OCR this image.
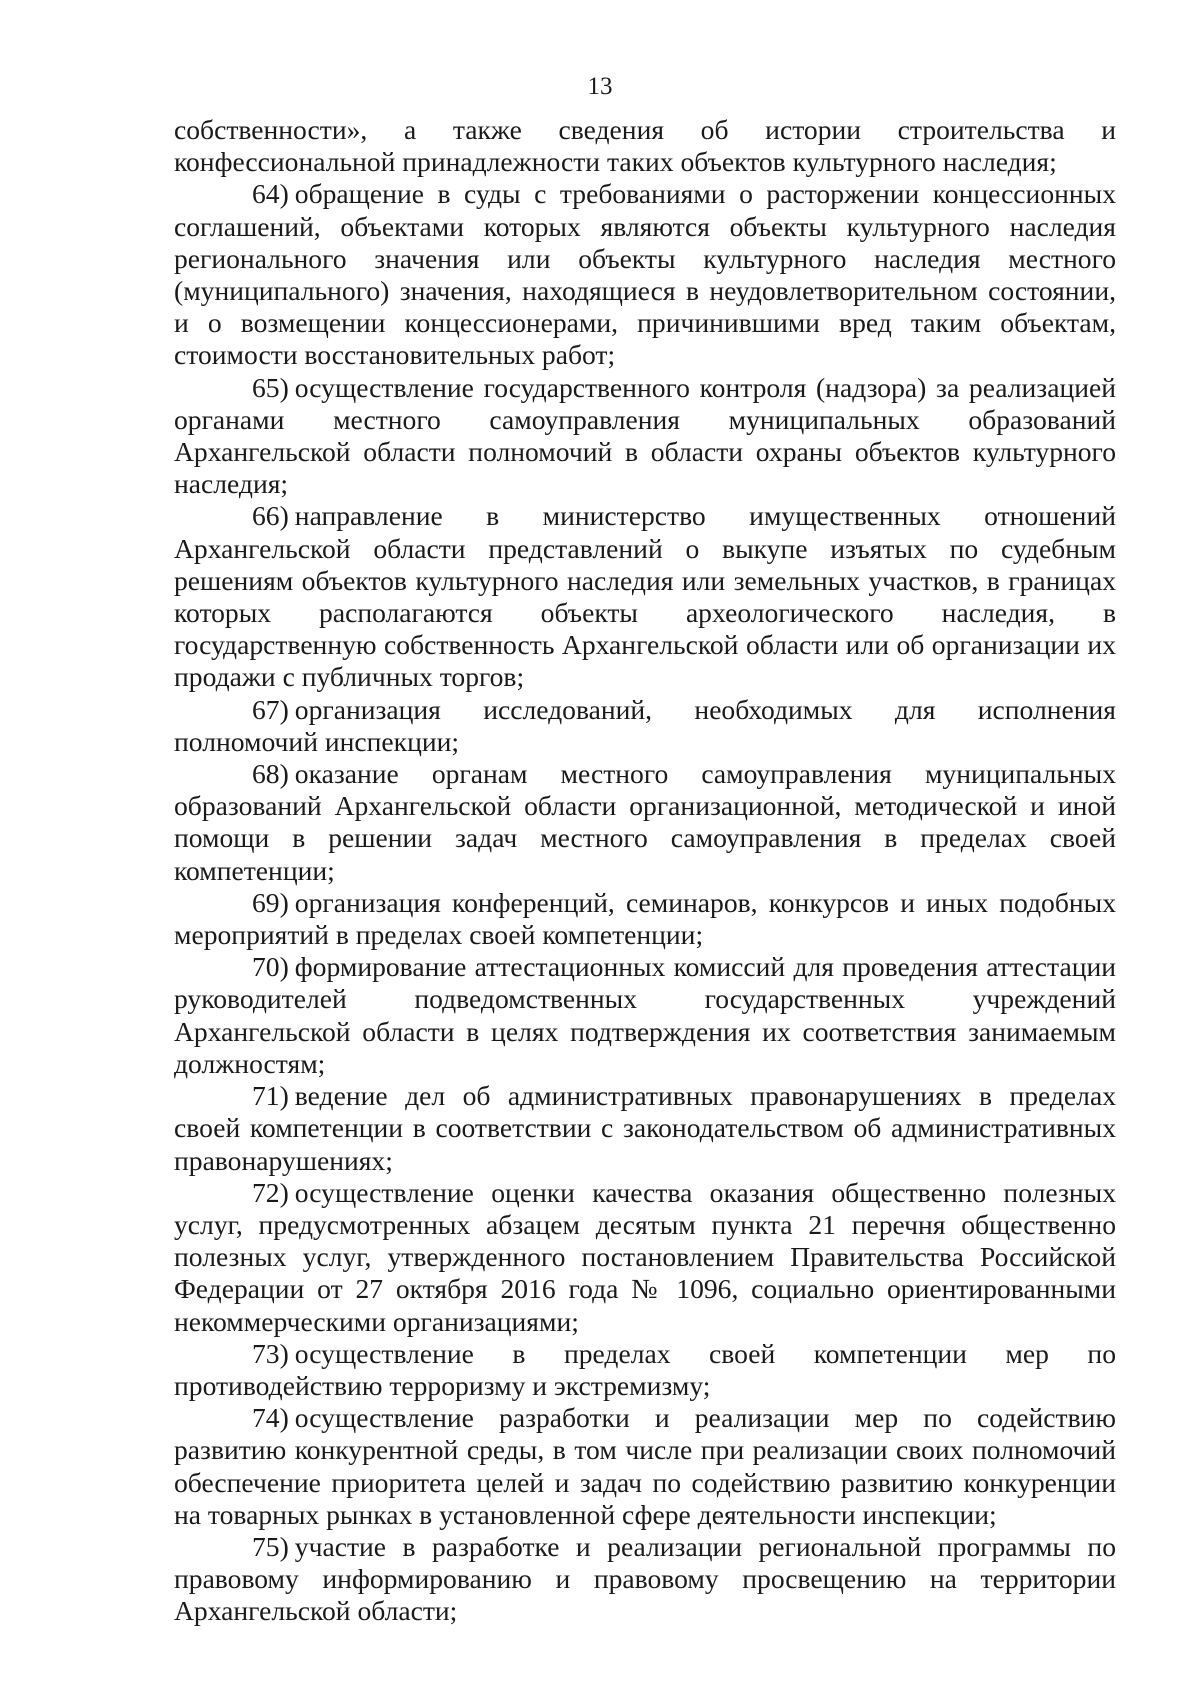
13

собственности», а также сведения об истории строительства и конфессиональной принадлежности таких объектов культурного наследия;

64) обращение в суды с требованиями о расторжении концессионных соглашений, объектами которых являются объекты культурного наследия регионального значения или объекты культурного наследия местного (муниципального) значения, находящиеся в неудовлетворительном состоянии, и о возмещении концессионерами, причинившими вред таким объектам, стоимости восстановительных работ;

65) осуществление государственного контроля (надзора) за реализацией органами местного самоуправления муниципальных образований Архангельской области полномочий в области охраны объектов культурного наследия;

66) направление в министерство имущественных отношений Архангельской области представлений о выкупе изъятых по судебным решениям объектов культурного наследия или земельных участков, в границах которых располагаются объекты археологического наследия, в государственную собственность Архангельской области или об организации их продажи с публичных торгов;

67) организация исследований, необходимых для исполнения полномочий инспекции;

68) оказание органам местного самоуправления муниципальных образований Архангельской области организационной, методической и иной помощи в решении задач местного самоуправления в пределах своей компетенции;

69) организация конференций, семинаров, конкурсов и иных подобных мероприятий в пределах своей компетенции;

70) формирование аттестационных комиссий для проведения аттестации руководителей подведомственных государственных учреждений Архангельской области в целях подтверждения их соответствия занимаемым должностям;

71) ведение дел об административных правонарушениях в пределах своей компетенции в соответствии с законодательством об административных правонарушениях;

72) осуществление оценки качества оказания общественно полезных услуг, предусмотренных абзацем десятым пункта 21 перечня общественно полезных услуг, утвержденного постановлением Правительства Российской Федерации от 27 октября 2016 года № 1096, социально ориентированными некоммерческими организациями;

73) осуществление в пределах своей компетенции мер по противодействию терроризму и экстремизму;

74) осуществление разработки и реализации мер по содействию развитию конкурентной среды, в том числе при реализации своих полномочий обеспечение приоритета целей и задач по содействию развитию конкуренции на товарных рынках в установленной сфере деятельности инспекции;

75) участие в разработке и реализации региональной программы по правовому информированию и правовому просвещению на территории Архангельской области;
